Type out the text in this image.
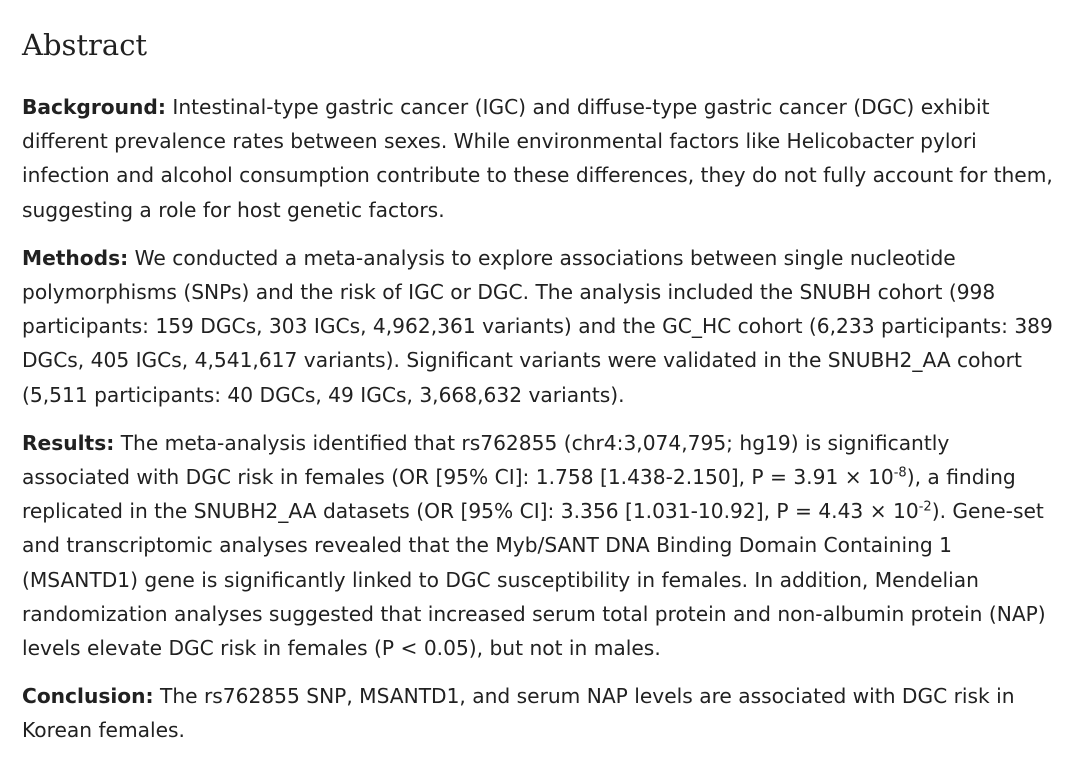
Abstract

Background: Intestinal-type gastric cancer (IGC) and diffuse-type gastric cancer (DGC) exhibit different prevalence rates between sexes. While environmental factors like Helicobacter pylori infection and alcohol consumption contribute to these differences, they do not fully account for them, suggesting a role for host genetic factors.

Methods: We conducted a meta-analysis to explore associations between single nucleotide polymorphisms (SNPs) and the risk of IGC or DGC. The analysis included the SNUBH cohort (998 participants: 159 DGCs, 303 IGCs, 4,962,361 variants) and the GC_HC cohort (6,233 participants: 389 DGCs, 405 IGCs, 4,541,617 variants). Significant variants were validated in the SNUBH2_AA cohort (5,511 participants: 40 DGCs, 49 IGCs, 3,668,632 variants).

Results: The meta-analysis identified that rs762855 (chr4:3,074,795; hg19) is significantly associated with DGC risk in females (OR [95% CI]: 1.758 [1.438-2.150], $P = 3.91 \times 10^{-8}$), a finding replicated in the SNUBH2_AA datasets (OR [95% CI]: 3.356 [1.031-10.92], $P = 4.43 \times 10^{-2}$). Gene-set and transcriptomic analyses revealed that the Myb/SANT DNA Binding Domain Containing 1 (MSANTD1) gene is significantly linked to DGC susceptibility in females. In addition, Mendelian randomization analyses suggested that increased serum total protein and non-albumin protein (NAP) levels elevate DGC risk in females (P < 0.05), but not in males.

Conclusion: The rs762855 SNP, MSANTD1, and serum NAP levels are associated with DGC risk in Korean females.
